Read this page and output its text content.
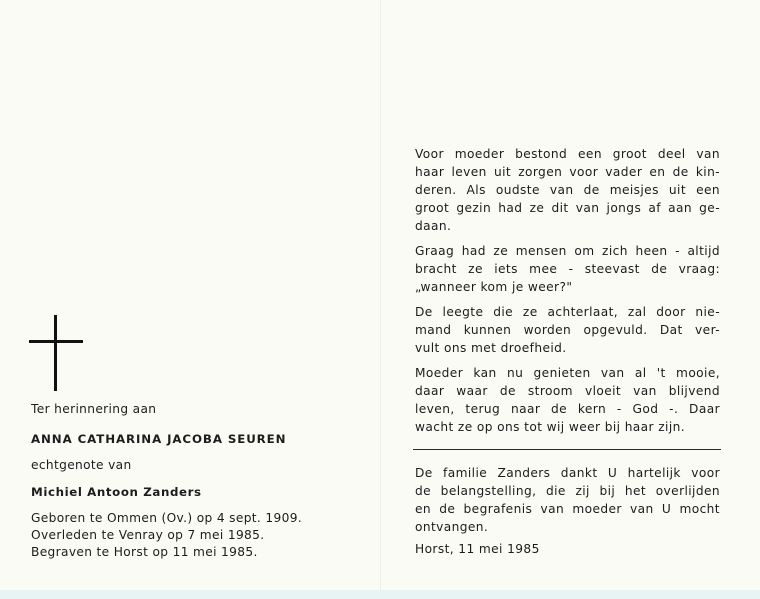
Ter herinnering aan
ANNA CATHARINA JACOBA SEUREN
echtgenote van
Michiel Antoon Zanders
Geboren te Ommen (Ov.) op 4 sept. 1909.
Overleden te Venray op 7 mei 1985.
Begraven te Horst op 11 mei 1985.

Voor moeder bestond een groot deel van
haar leven uit zorgen voor vader en de kin-
deren. Als oudste van de meisjes uit een
groot gezin had ze dit van jongs af aan ge-
daan.

Graag had ze mensen om zich heen - altijd
bracht ze iets mee - steevast de vraag:
„wanneer kom je weer?"

De leegte die ze achterlaat, zal door nie-
mand kunnen worden opgevuld. Dat ver-
vult ons met droefheid.

Moeder kan nu genieten van al 't mooie,
daar waar de stroom vloeit van blijvend
leven, terug naar de kern - God -. Daar
wacht ze op ons tot wij weer bij haar zijn.

De familie Zanders dankt U hartelijk voor
de belangstelling, die zij bij het overlijden
en de begrafenis van moeder van U mocht
ontvangen.

Horst, 11 mei 1985
